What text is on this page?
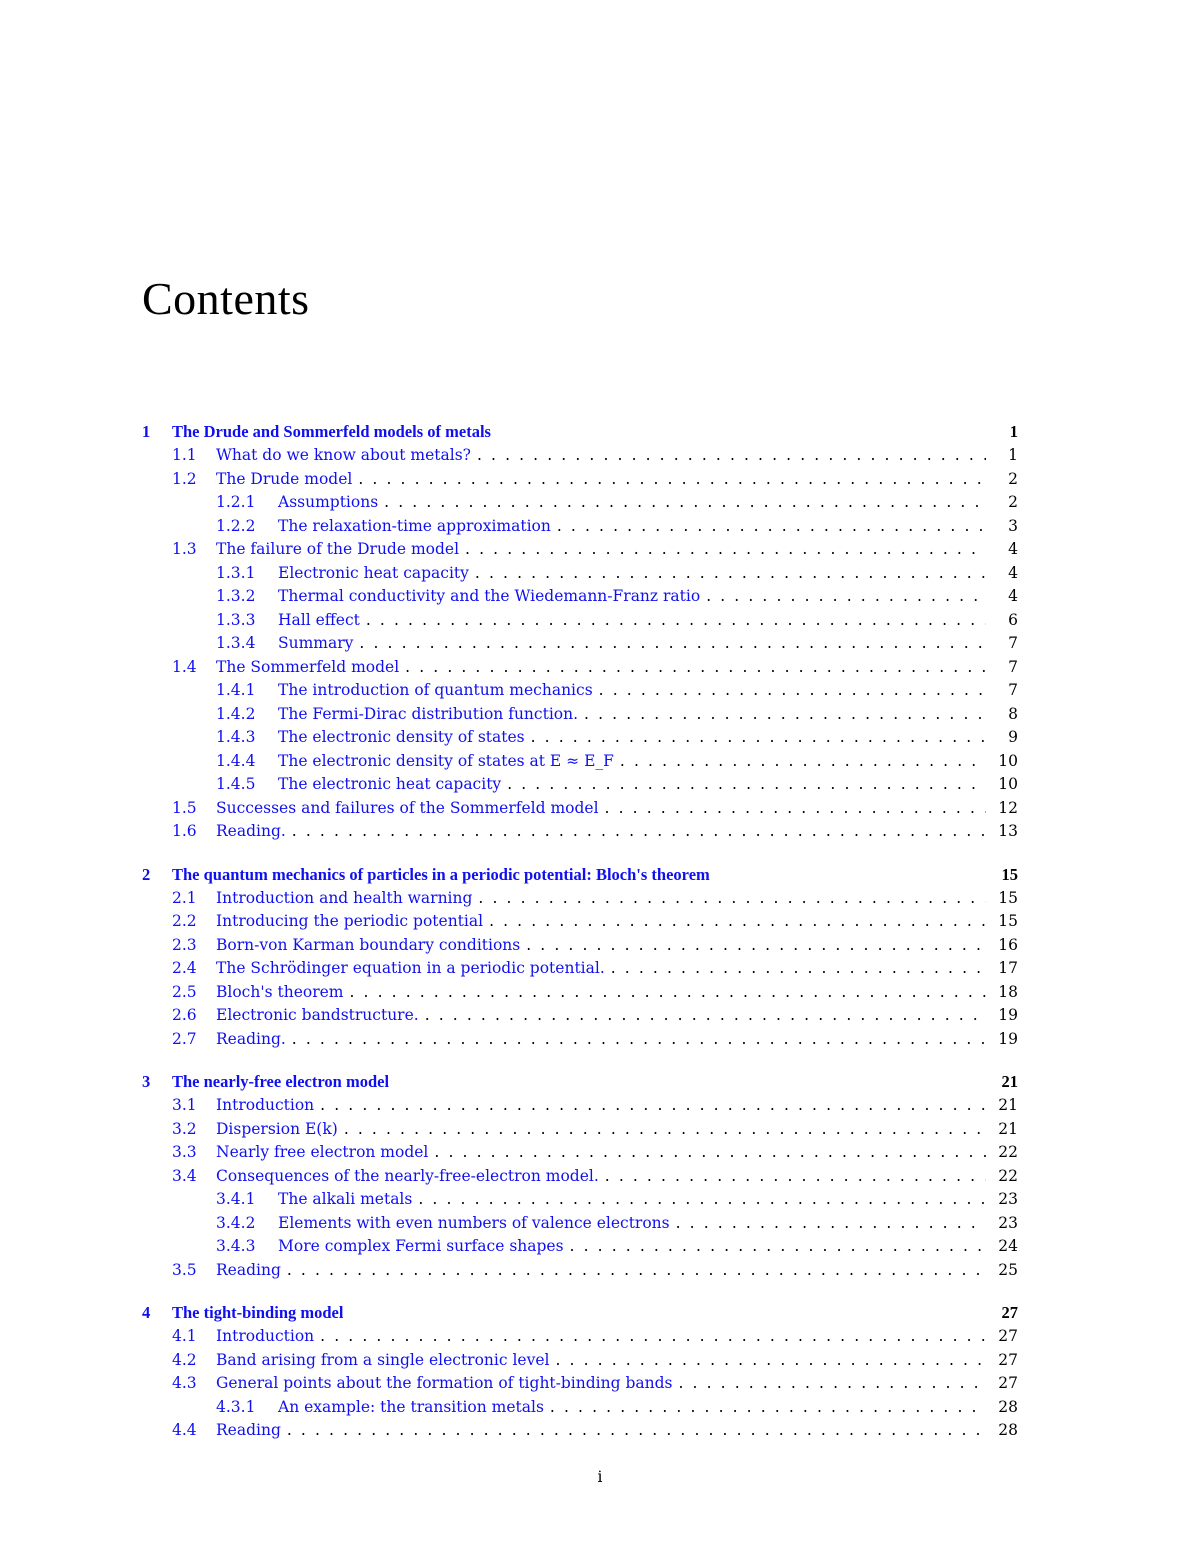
Contents
1	The Drude and Sommerfeld models of metals	1
1.1	What do we know about metals? . . .	1
1.2	The Drude model . . .	2
1.2.1	Assumptions . . .	2
1.2.2	The relaxation-time approximation . . .	3
1.3	The failure of the Drude model . . .	4
1.3.1	Electronic heat capacity . . .	4
1.3.2	Thermal conductivity and the Wiedemann-Franz ratio . . .	4
1.3.3	Hall effect . . .	6
1.3.4	Summary . . .	7
1.4	The Sommerfeld model . . .	7
1.4.1	The introduction of quantum mechanics . . .	7
1.4.2	The Fermi-Dirac distribution function. . . .	8
1.4.3	The electronic density of states . . .	9
1.4.4	The electronic density of states at E ≈ E_F . . .	10
1.4.5	The electronic heat capacity . . .	10
1.5	Successes and failures of the Sommerfeld model . . .	12
1.6	Reading. . . .	13
2	The quantum mechanics of particles in a periodic potential: Bloch's theorem	15
2.1	Introduction and health warning . . .	15
2.2	Introducing the periodic potential . . .	15
2.3	Born-von Karman boundary conditions . . .	16
2.4	The Schrödinger equation in a periodic potential. . . .	17
2.5	Bloch's theorem . . .	18
2.6	Electronic bandstructure. . . .	19
2.7	Reading. . . .	19
3	The nearly-free electron model	21
3.1	Introduction . . .	21
3.2	Dispersion E(k) . . .	21
3.3	Nearly free electron model . . .	22
3.4	Consequences of the nearly-free-electron model. . . .	22
3.4.1	The alkali metals . . .	23
3.4.2	Elements with even numbers of valence electrons . . .	23
3.4.3	More complex Fermi surface shapes . . .	24
3.5	Reading . . .	25
4	The tight-binding model	27
4.1	Introduction . . .	27
4.2	Band arising from a single electronic level . . .	27
4.3	General points about the formation of tight-binding bands . . .	27
4.3.1	An example: the transition metals . . .	28
4.4	Reading . . .	28
i
